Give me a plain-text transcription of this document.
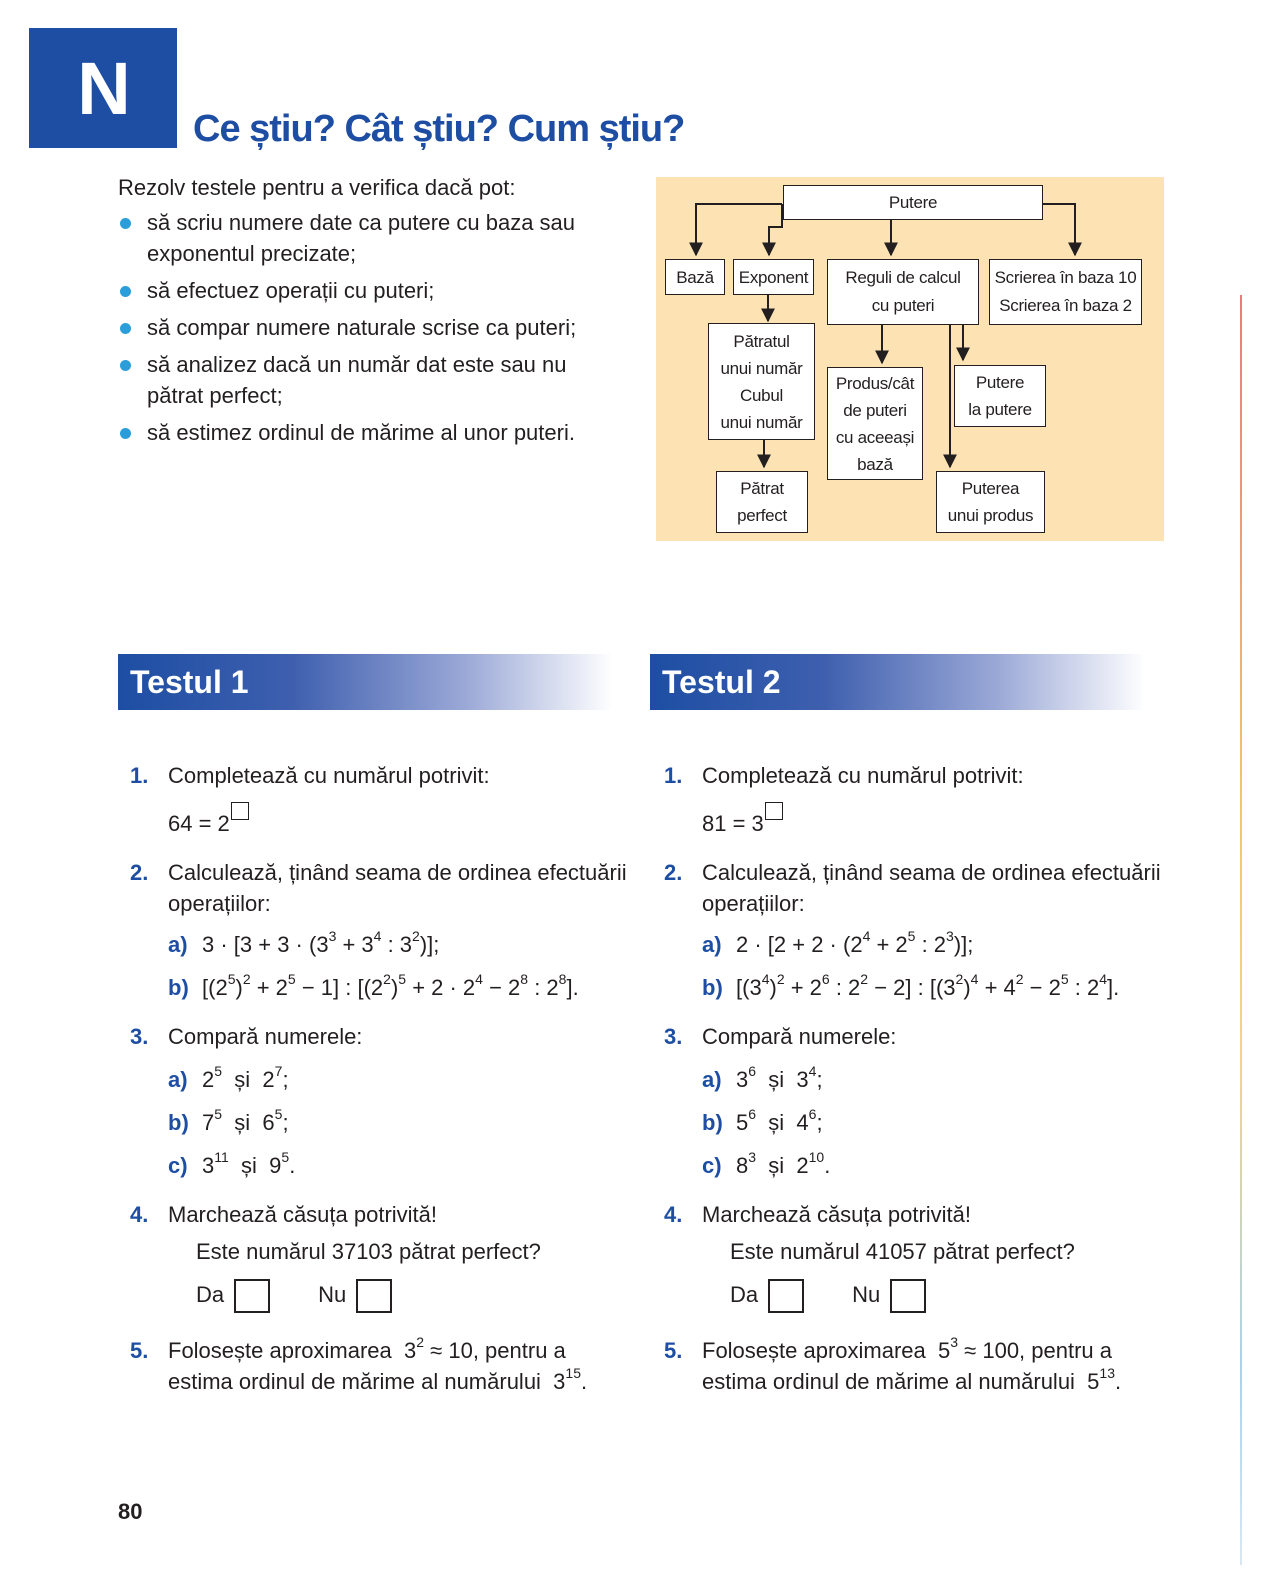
N	Ce știu? Cât știu? Cum știu?
Rezolv testele pentru a verifica dacă pot:
să scriu numere date ca putere cu baza sau exponentul precizate;
să efectuez operații cu puteri;
să compar numere naturale scrise ca puteri;
să analizez dacă un număr dat este sau nu pătrat perfect;
să estimez ordinul de mărime al unor puteri.
Putere
Bază	Exponent	Reguli de calcul
cu puteri
Scrierea în baza 10
Scrierea în baza 2
Pătratul
unui număr
Cubul
unui număr
Pătrat
perfect
Produs/cât
de puteri
cu aceeași
bază
Putere
la putere
Puterea
unui produs
Testul 1
1. Completează cu numărul potrivit:
64 = 2
2. Calculează, ținând seama de ordinea efectuării operațiilor:
a) $3 \cdot [3 + 3 \cdot (3^3 + 3^4$ : $3^2$)];
b) $[(2^5)^2 + 2^5 - 1]$ : [$(2^2)^5 + 2 \cdot 2^4 - 2^8$ : $2^8$].
3. Compară numerele:
a) $2^5$ și  $2^7$;
b) $7^5$ și  $6^5$;
c) $3^{11}$ și  $9^5$.
4. Marchează căsuța potrivită!
Este numărul 37103 pătrat perfect?
Da	Nu
5. Folosește aproximarea  $3^2 \approx 10$, pentru a
estima ordinul de mărime al numărului  $3^{15}$.
Testul 2
1. Completează cu numărul potrivit:
81 = 3
2. Calculează, ținând seama de ordinea efectuării operațiilor:
a) $2 \cdot [2 + 2 \cdot (2^4 + 2^5$ : $2^3$)];
b) [$(3^4)^2 + 2^6$ : $2^2 - 2$] : [$(3^2)^4 + 4^2 - 2^5$ : $2^4$].
3. Compară numerele:
a) $3^6$ și  $3^4$;
b) $5^6$ și  $4^6$;
c) $8^3$ și  $2^{10}$.
4. Marchează căsuța potrivită!
Este numărul 41057 pătrat perfect?
Da	Nu
5. Folosește aproximarea  $5^3 \approx 100$, pentru a
estima ordinul de mărime al numărului  $5^{13}$.
80
